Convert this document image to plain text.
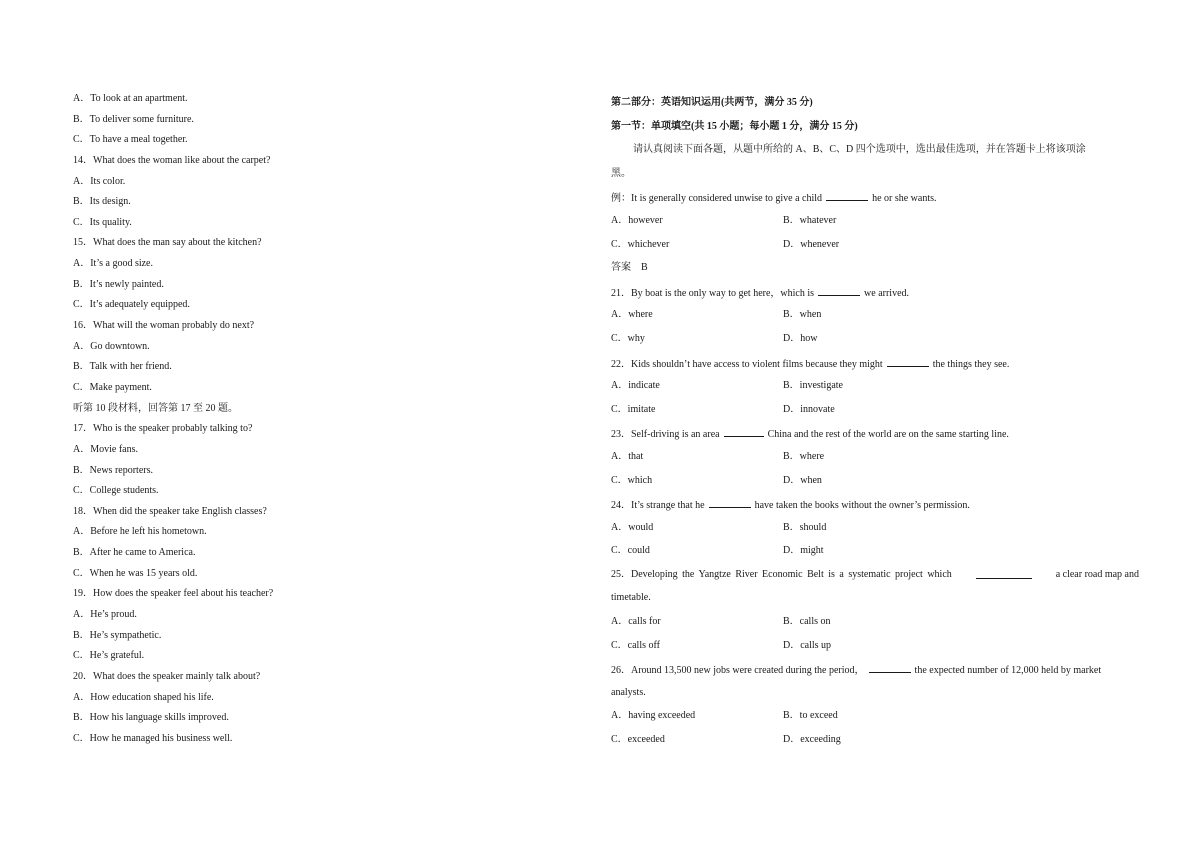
A．To look at an apartment.
B．To deliver some furniture.
C．To have a meal together.
14．What does the woman like about the carpet?
A．Its color.
B．Its design.
C．Its quality.
15．What does the man say about the kitchen?
A．It’s a good size.
B．It’s newly painted.
C．It’s adequately equipped.
16．What will the woman probably do next?
A．Go downtown.
B．Talk with her friend.
C．Make payment.
听第 10 段材料，回答第 17 至 20 题。
17．Who is the speaker probably talking to?
A．Movie fans.
B．News reporters.
C．College students.
18．When did the speaker take English classes?
A．Before he left his hometown.
B．After he came to America.
C．When he was 15 years old.
19．How does the speaker feel about his teacher?
A．He’s proud.
B．He’s sympathetic.
C．He’s grateful.
20．What does the speaker mainly talk about?
A．How education shaped his life.
B．How his language skills improved.
C．How he managed his business well.
第二部分：英语知识运用(共两节，满分 35 分)
第一节：单项填空(共 15 小题；每小题 1 分，满分 15 分)
请认真阅读下面各题，从题中所给的 A、B、C、D 四个选项中，选出最佳选项，并在答题卡上将该项涂
黑。
例：It is generally considered unwise to give a child	he or she wants.
A．however	B．whatever
C．whichever	D．whenever
答案　B
21．By boat is the only way to get here，which is	we arrived.
A．where	B．when
C．why	D．how
22．Kids shouldn’t have access to violent films because they might	the things they see.
A．indicate	B．investigate
C．imitate	D．innovate
23．Self-driving is an area	China and the rest of the world are on the same starting line.
A．that	B．where
C．which	D．when
24．It’s strange that he	have taken the books without the owner’s permission.
A．would	B．should
C．could	D．might
25．Developing the Yangtze River Economic Belt is a systematic project which	a clear road map and
timetable.
A．calls for	B．calls on
C．calls off	D．calls up
26．Around 13,500 new jobs were created during the period，	the expected number of 12,000 held by market
analysts.
A．having exceeded	B．to exceed
C．exceeded	D．exceeding
